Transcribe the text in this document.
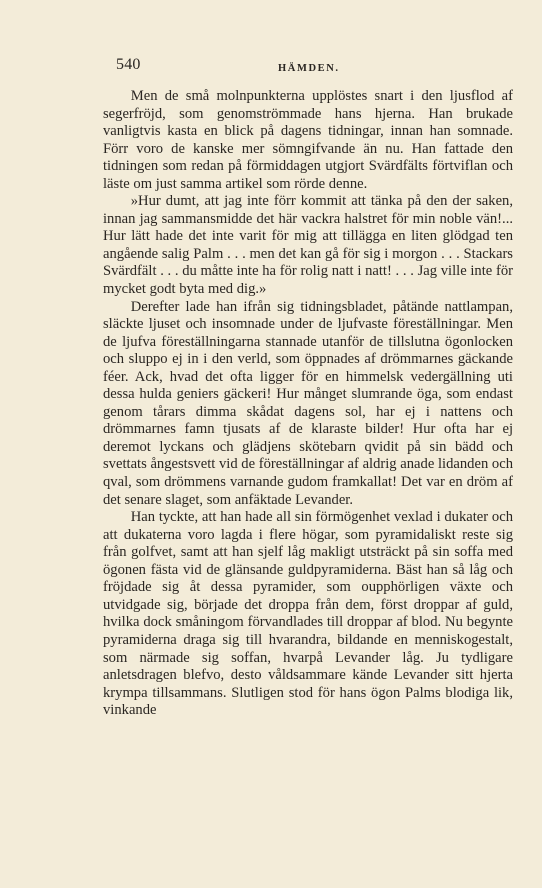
540	HÄMDEN.

Men de små molnpunkterna upplöstes snart i den ljusflod af segerfröjd, som genomströmmade hans hjerna. Han brukade vanligtvis kasta en blick på dagens tidningar, innan han somnade. Förr voro de kanske mer sömngifvande än nu. Han fattade den tidningen som redan på förmiddagen utgjort Svärdfälts förtviflan och läste om just samma artikel som rörde denne.

»Hur dumt, att jag inte förr kommit att tänka på den der saken, innan jag sammansmidde det här vackra halstret för min noble vän!... Hur lätt hade det inte varit för mig att tillägga en liten glödgad ten angående salig Palm . . . men det kan gå för sig i morgon . . . Stackars Svärdfält . . . du måtte inte ha för rolig natt i natt! . . . Jag ville inte för mycket godt byta med dig.»

Derefter lade han ifrån sig tidningsbladet, påtände nattlampan, släckte ljuset och insomnade under de ljufvaste föreställningar. Men de ljufva föreställningarna stannade utanför de tillslutna ögonlocken och sluppo ej in i den verld, som öppnades af drömmarnes gäckande féer. Ack, hvad det ofta ligger för en himmelsk vedergällning uti dessa hulda geniers gäckeri! Hur månget slumrande öga, som endast genom tårars dimma skådat dagens sol, har ej i nattens och drömmarnes famn tjusats af de klaraste bilder! Hur ofta har ej deremot lyckans och glädjens skötebarn qvidit på sin bädd och svettats ångestsvett vid de föreställningar af aldrig anade lidanden och qval, som drömmens varnande gudom framkallat! Det var en dröm af det senare slaget, som anfäktade Levander.

Han tyckte, att han hade all sin förmögenhet vexlad i dukater och att dukaterna voro lagda i flere högar, som pyramidaliskt reste sig från golfvet, samt att han sjelf låg makligt utsträckt på sin soffa med ögonen fästa vid de glänsande guldpyramiderna. Bäst han så låg och fröjdade sig åt dessa pyramider, som oupphörligen växte och utvidgade sig, började det droppa från dem, först droppar af guld, hvilka dock småningom förvandlades till droppar af blod. Nu begynte pyramiderna draga sig till hvarandra, bildande en menniskogestalt, som närmade sig soffan, hvarpå Levander låg. Ju tydligare anletsdragen blefvo, desto våldsammare kände Levander sitt hjerta krympa tillsammans. Slutligen stod för hans ögon Palms blodiga lik, vinkande
